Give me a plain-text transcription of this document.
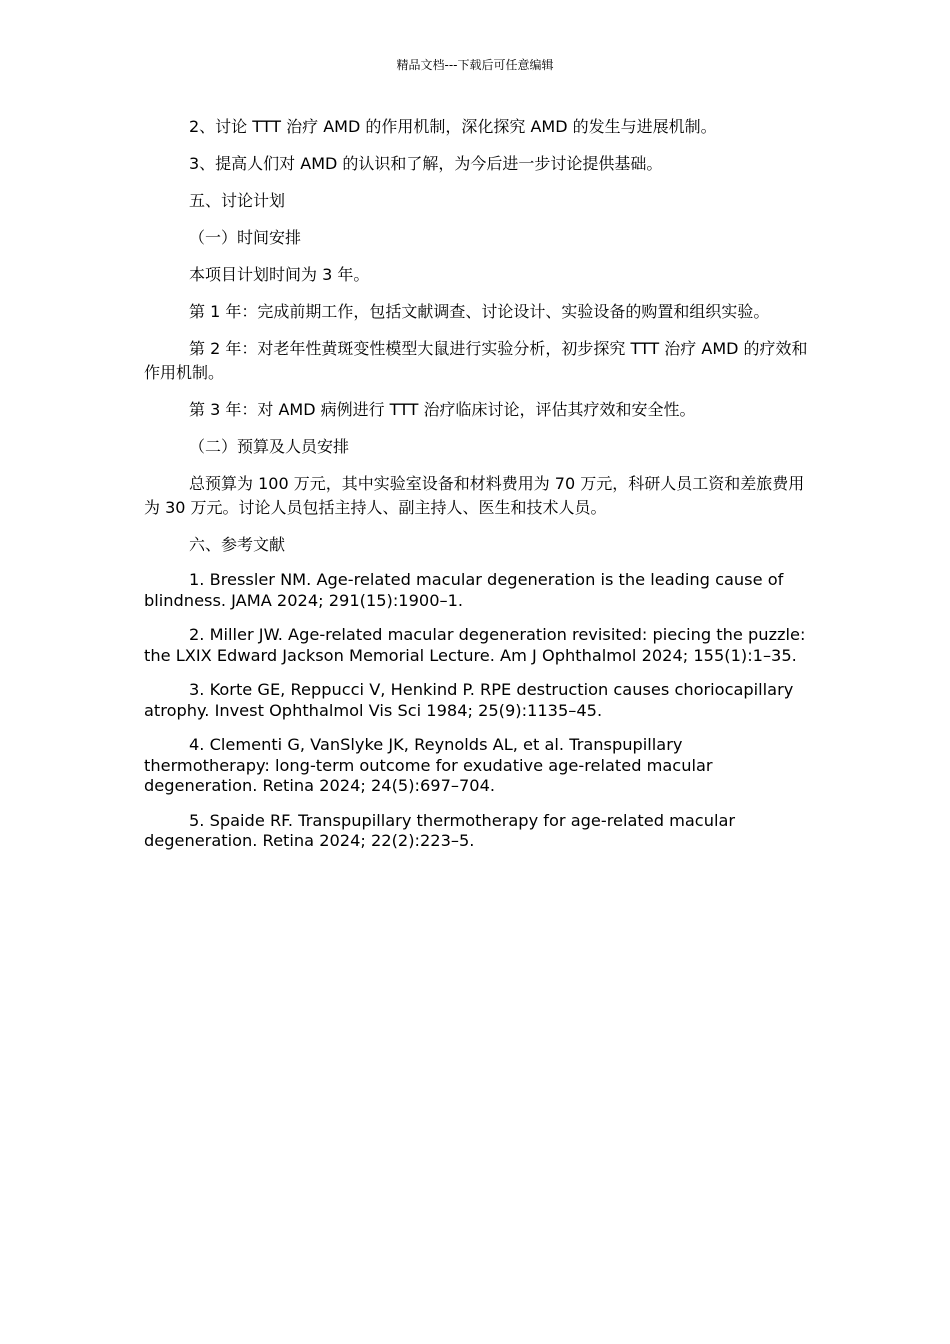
精品文档---下载后可任意编辑

2、讨论 TTT 治疗 AMD 的作用机制，深化探究 AMD 的发生与进展机制。

3、提高人们对 AMD 的认识和了解，为今后进一步讨论提供基础。

五、讨论计划

（一）时间安排

本项目计划时间为 3 年。

第 1 年：完成前期工作，包括文献调查、讨论设计、实验设备的购置和组织实验。

第 2 年：对老年性黄斑变性模型大鼠进行实验分析，初步探究 TTT 治疗 AMD 的疗效和作用机制。

第 3 年：对 AMD 病例进行 TTT 治疗临床讨论，评估其疗效和安全性。

（二）预算及人员安排

总预算为 100 万元，其中实验室设备和材料费用为 70 万元，科研人员工资和差旅费用为 30 万元。讨论人员包括主持人、副主持人、医生和技术人员。

六、参考文献

1. Bressler NM. Age-related macular degeneration is the leading cause of blindness. JAMA 2024; 291(15):1900–1.

2. Miller JW. Age-related macular degeneration revisited: piecing the puzzle: the LXIX Edward Jackson Memorial Lecture. Am J Ophthalmol 2024; 155(1):1–35.

3. Korte GE, Reppucci V, Henkind P. RPE destruction causes choriocapillary atrophy. Invest Ophthalmol Vis Sci 1984; 25(9):1135–45.

4. Clementi G, VanSlyke JK, Reynolds AL, et al. Transpupillary thermotherapy: long-term outcome for exudative age-related macular degeneration. Retina 2024; 24(5):697–704.

5. Spaide RF. Transpupillary thermotherapy for age-related macular degeneration. Retina 2024; 22(2):223–5.
